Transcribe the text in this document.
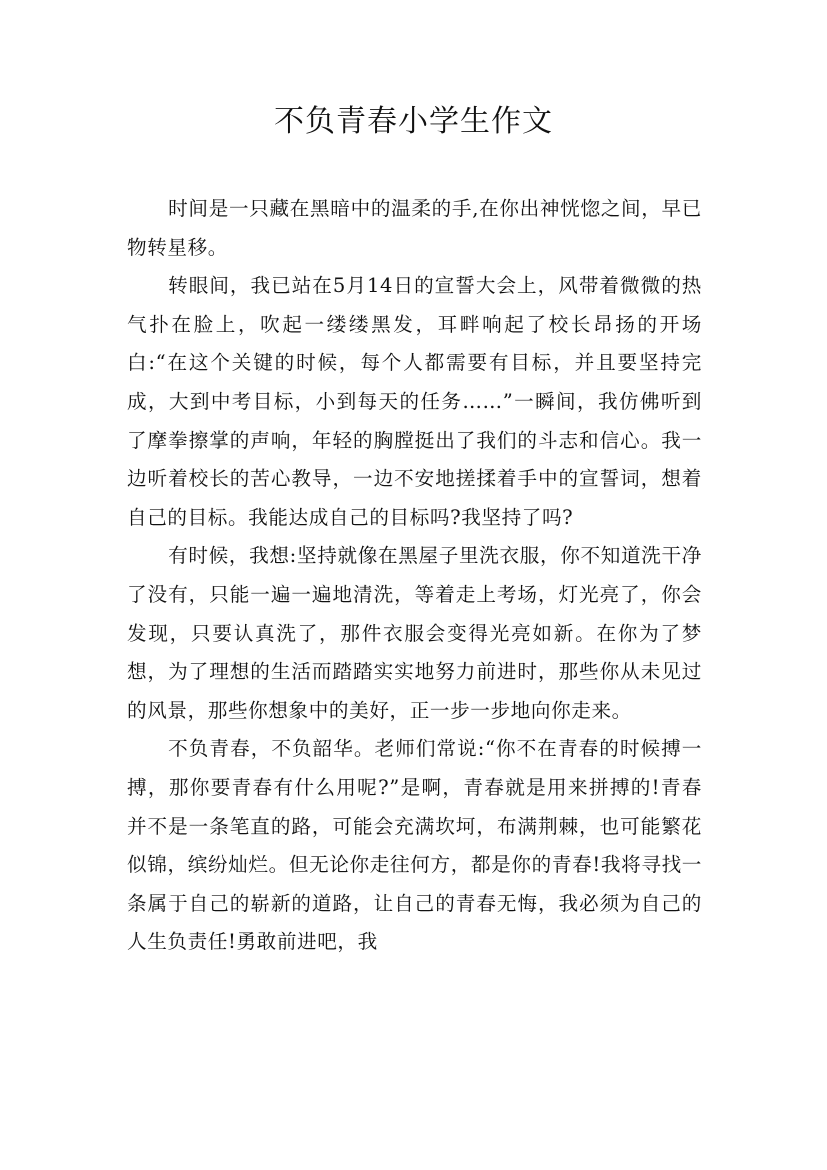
不负青春小学生作文

时间是一只藏在黑暗中的温柔的手,在你出神恍惚之间，早已物转星移。

转眼间，我已站在5月14日的宣誓大会上，风带着微微的热气扑在脸上，吹起一缕缕黑发，耳畔响起了校长昂扬的开场白:“在这个关键的时候，每个人都需要有目标，并且要坚持完成，大到中考目标，小到每天的任务……”一瞬间，我仿佛听到了摩拳擦掌的声响，年轻的胸膛挺出了我们的斗志和信心。我一边听着校长的苦心教导，一边不安地搓揉着手中的宣誓词，想着自己的目标。我能达成自己的目标吗?我坚持了吗?

有时候，我想:坚持就像在黑屋子里洗衣服，你不知道洗干净了没有，只能一遍一遍地清洗，等着走上考场，灯光亮了，你会发现，只要认真洗了，那件衣服会变得光亮如新。在你为了梦想，为了理想的生活而踏踏实实地努力前进时，那些你从未见过的风景，那些你想象中的美好，正一步一步地向你走来。

不负青春，不负韶华。老师们常说:“你不在青春的时候搏一搏，那你要青春有什么用呢?”是啊，青春就是用来拼搏的!青春并不是一条笔直的路，可能会充满坎坷，布满荆棘，也可能繁花似锦，缤纷灿烂。但无论你走往何方，都是你的青春!我将寻找一条属于自己的崭新的道路，让自己的青春无悔，我必须为自己的人生负责任!勇敢前进吧，我
